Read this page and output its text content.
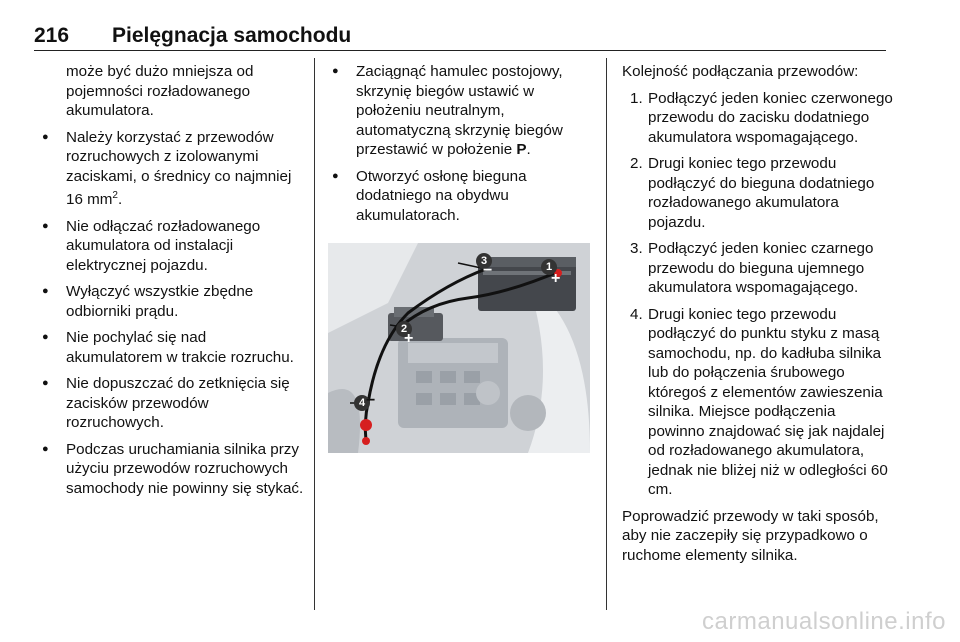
216 Pielęgnacja samochodu
może być dużo mniejsza od pojemności rozładowanego akumulatora.
● Należy korzystać z przewodów rozruchowych z izolowanymi zaciskami, o średnicy co najmniej 16 $mm^2$.
● Nie odłączać rozładowanego akumulatora od instalacji elektrycznej pojazdu.
● Wyłączyć wszystkie zbędne odbiorniki prądu.
● Nie pochylać się nad akumulatorem w trakcie rozruchu.
● Nie dopuszczać do zetknięcia się zacisków przewodów rozruchowych.
● Podczas uruchamiania silnika przy użyciu przewodów rozruchowych samochody nie powinny się stykać.
● Zaciągnąć hamulec postojowy, skrzynię biegów ustawić w położeniu neutralnym, automatyczną skrzynię biegów przestawić w położenie P.
● Otworzyć osłonę bieguna dodatniego na obydwu akumulatorach.
1
+
3
−
2
+
4 −
Kolejność podłączania przewodów:
1. Podłączyć jeden koniec czerwonego przewodu do zacisku dodatniego akumulatora wspomagającego.
2. Drugi koniec tego przewodu podłączyć do bieguna dodatniego rozładowanego akumulatora pojazdu.
3. Podłączyć jeden koniec czarnego przewodu do bieguna ujemnego akumulatora wspomagającego.
4. Drugi koniec tego przewodu podłączyć do punktu styku z masą samochodu, np. do kadłuba silnika lub do połączenia śrubowego któregoś z elementów zawieszenia silnika. Miejsce podłączenia powinno znajdować się jak najdalej od rozładowanego akumulatora, jednak nie bliżej niż w odległości 60 cm.
Poprowadzić przewody w taki sposób, aby nie zaczepiły się przypadkowo o ruchome elementy silnika.
carmanualsonline.info
